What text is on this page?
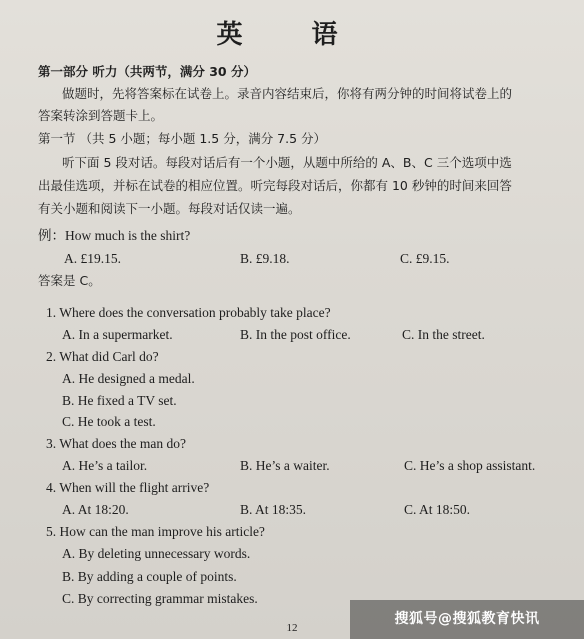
英 语
第一部分 听力（共两节，满分 30 分）
做题时，先将答案标在试卷上。录音内容结束后，你将有两分钟的时间将试卷上的
答案转涂到答题卡上。
第一节 （共 5 小题；每小题 1.5 分，满分 7.5 分）
听下面 5 段对话。每段对话后有一个小题，从题中所给的 A、B、C 三个选项中选
出最佳选项，并标在试卷的相应位置。听完每段对话后，你都有 10 秒钟的时间来回答
有关小题和阅读下一小题。每段对话仅读一遍。
例：How much is the shirt?
A. £19.15.	B. £9.18.	C. £9.15.
答案是 C。
1. Where does the conversation probably take place?
A. In a supermarket.	B. In the post office.	C. In the street.
2. What did Carl do?
A. He designed a medal.
B. He fixed a TV set.
C. He took a test.
3. What does the man do?
A. He’s a tailor.	B. He’s a waiter.	C. He’s a shop assistant.
4. When will the flight arrive?
A. At 18:20.	B. At 18:35.	C. At 18:50.
5. How can the man improve his article?
A. By deleting unnecessary words.
B. By adding a couple of points.
C. By correcting grammar mistakes.
12
搜狐号@搜狐教育快讯
